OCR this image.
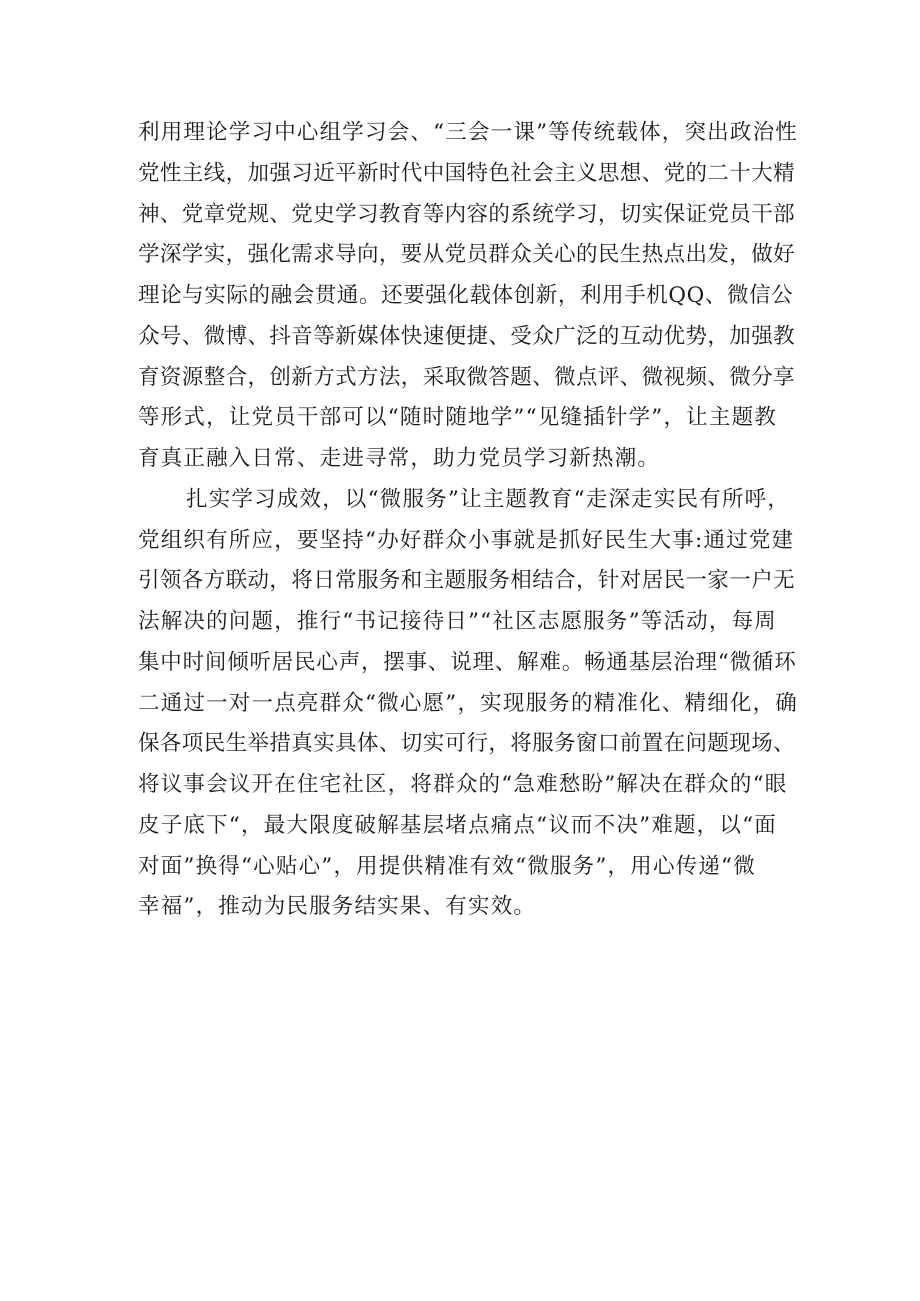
利用理论学习中心组学习会、“三会一课”等传统载体，突出政治性
党性主线，加强习近平新时代中国特色社会主义思想、党的二十大精
神、党章党规、党史学习教育等内容的系统学习，切实保证党员干部
学深学实，强化需求导向，要从党员群众关心的民生热点出发，做好
理论与实际的融会贯通。还要强化载体创新，利用手机QQ、微信公
众号、微博、抖音等新媒体快速便捷、受众广泛的互动优势，加强教
育资源整合，创新方式方法，采取微答题、微点评、微视频、微分享
等形式，让党员干部可以“随时随地学”“见缝插针学”，让主题教
育真正融入日常、走进寻常，助力党员学习新热潮。
扎实学习成效，以“微服务”让主题教育“走深走实民有所呼，
党组织有所应，要坚持“办好群众小事就是抓好民生大事:通过党建
引领各方联动，将日常服务和主题服务相结合，针对居民一家一户无
法解决的问题，推行“书记接待日”“社区志愿服务”等活动，每周
集中时间倾听居民心声，摆事、说理、解难。畅通基层治理“微循环
二通过一对一点亮群众“微心愿”，实现服务的精准化、精细化，确
保各项民生举措真实具体、切实可行，将服务窗口前置在问题现场、
将议事会议开在住宅社区，将群众的“急难愁盼”解决在群众的“眼
皮子底下“，最大限度破解基层堵点痛点“议而不决”难题，以“面
对面”换得“心贴心”，用提供精准有效“微服务”，用心传递“微
幸福”，推动为民服务结实果、有实效。
